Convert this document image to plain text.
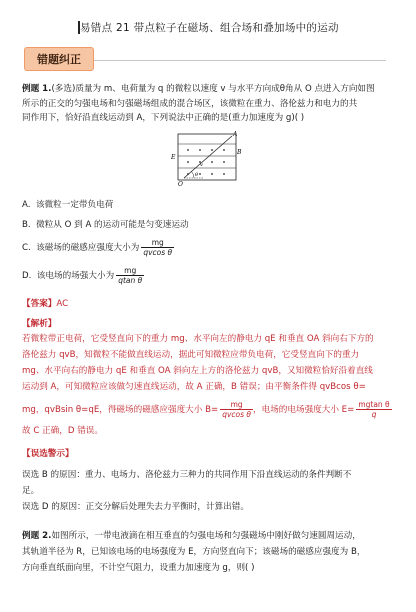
易错点 21 带点粒子在磁场、组合场和叠加场中的运动
错题纠正
例题 1.(多选)质量为 m、电荷量为 q 的微粒以速度 v 与水平方向成θ角从 O 点进入方向如图
所示的正交的匀强电场和匀强磁场组成的混合场区，该微粒在重力、洛伦兹力和电力的共
同作用下，恰好沿直线运动到 A，下列说法中正确的是(重力加速度为 g)( )
A
B
E
O
v
θ
A. 该微粒一定带负电荷
B. 微粒从 O 到 A 的运动可能是匀变速运动
C. 该磁场的磁感应强度大小为 $\frac{mg}{\text{qvcos θ}}$
D. 该电场的场强大小为 $\frac{mg}{\text{qtan θ}}$
【答案】AC
【解析】
若微粒带正电荷，它受竖直向下的重力 mg、水平向左的静电力 qE 和垂直 OA 斜向右下方的
洛伦兹力 qvB，知微粒不能做直线运动，据此可知微粒应带负电荷，它受竖直向下的重力
mg、水平向右的静电力 qE 和垂直 OA 斜向左上方的洛伦兹力 qvB，又知微粒恰好沿着直线
运动到 A，可知微粒应该做匀速直线运动，故 A 正确，B 错误；由平衡条件得 qvBcos θ=
mg，qvBsin θ=qE，得磁场的磁感应强度大小 $B= \frac{mg}{\text{qvcos θ}}$ ，电场的电场强度大小 $E= \frac{\text{mgtan θ}}{q}$
故 C 正确，D 错误。
【误选警示】
误选 B 的原因：重力、电场力、洛伦兹力三种力的共同作用下沿直线运动的条件判断不
足。
误选 D 的原因：正交分解后处理失去力平衡时，计算出错。
例题 2.如图所示，一带电液滴在相互垂直的匀强电场和匀强磁场中刚好做匀速圆周运动，
其轨道半径为 R，已知该电场的电场强度为 E，方向竖直向下；该磁场的磁感应强度为 B，
方向垂直纸面向里，不计空气阻力，设重力加速度为 g，则( )
